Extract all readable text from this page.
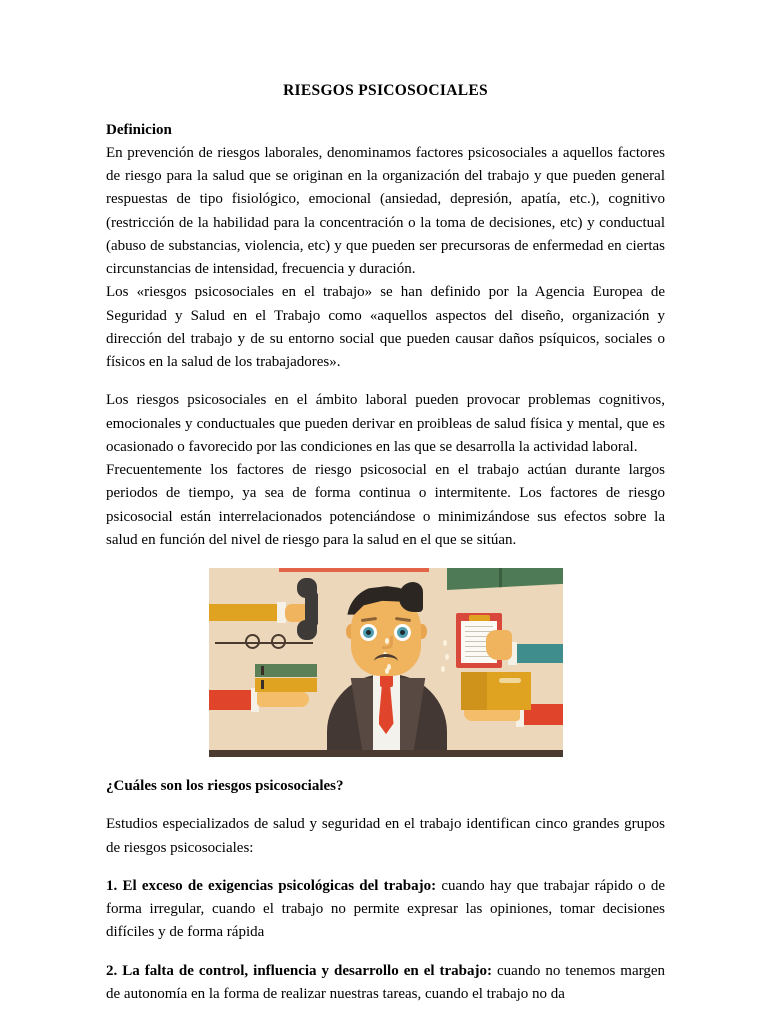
RIESGOS PSICOSOCIALES
Definicion

En prevención de riesgos laborales, denominamos factores psicosociales a aquellos factores de riesgo para la salud que se originan en la organización del trabajo y que pueden general respuestas de tipo fisiológico, emocional (ansiedad, depresión, apatía, etc.), cognitivo (restricción de la habilidad para la concentración o la toma de decisiones, etc) y conductual (abuso de substancias, violencia, etc) y que pueden ser precursoras de enfermedad en ciertas circunstancias de intensidad, frecuencia y duración.

Los «riesgos psicosociales en el trabajo» se han definido por la Agencia Europea de Seguridad y Salud en el Trabajo como «aquellos aspectos del diseño, organización y dirección del trabajo y de su entorno social que pueden causar daños psíquicos, sociales o físicos en la salud de los trabajadores».

Los riesgos psicosociales en el ámbito laboral pueden provocar problemas cognitivos, emocionales y conductuales que pueden derivar en proibleas de salud física y mental, que es ocasionado o favorecido por las condiciones en las que se desarrolla la actividad laboral.

Frecuentemente los factores de riesgo psicosocial en el trabajo actúan durante largos periodos de tiempo, ya sea de forma continua o intermitente. Los factores de riesgo psicosocial están interrelacionados potenciándose o minimizándose sus efectos sobre la salud en función del nivel de riesgo para la salud en el que se sitúan.

¿Cuáles son los riesgos psicosociales?

Estudios especializados de salud y seguridad en el trabajo identifican cinco grandes grupos de riesgos psicosociales:

1. El exceso de exigencias psicológicas del trabajo: cuando hay que trabajar rápido o de forma irregular, cuando el trabajo no permite expresar las opiniones, tomar decisiones difíciles y de forma rápida

2. La falta de control, influencia y desarrollo en el trabajo: cuando no tenemos margen de autonomía en la forma de realizar nuestras tareas, cuando el trabajo no da
